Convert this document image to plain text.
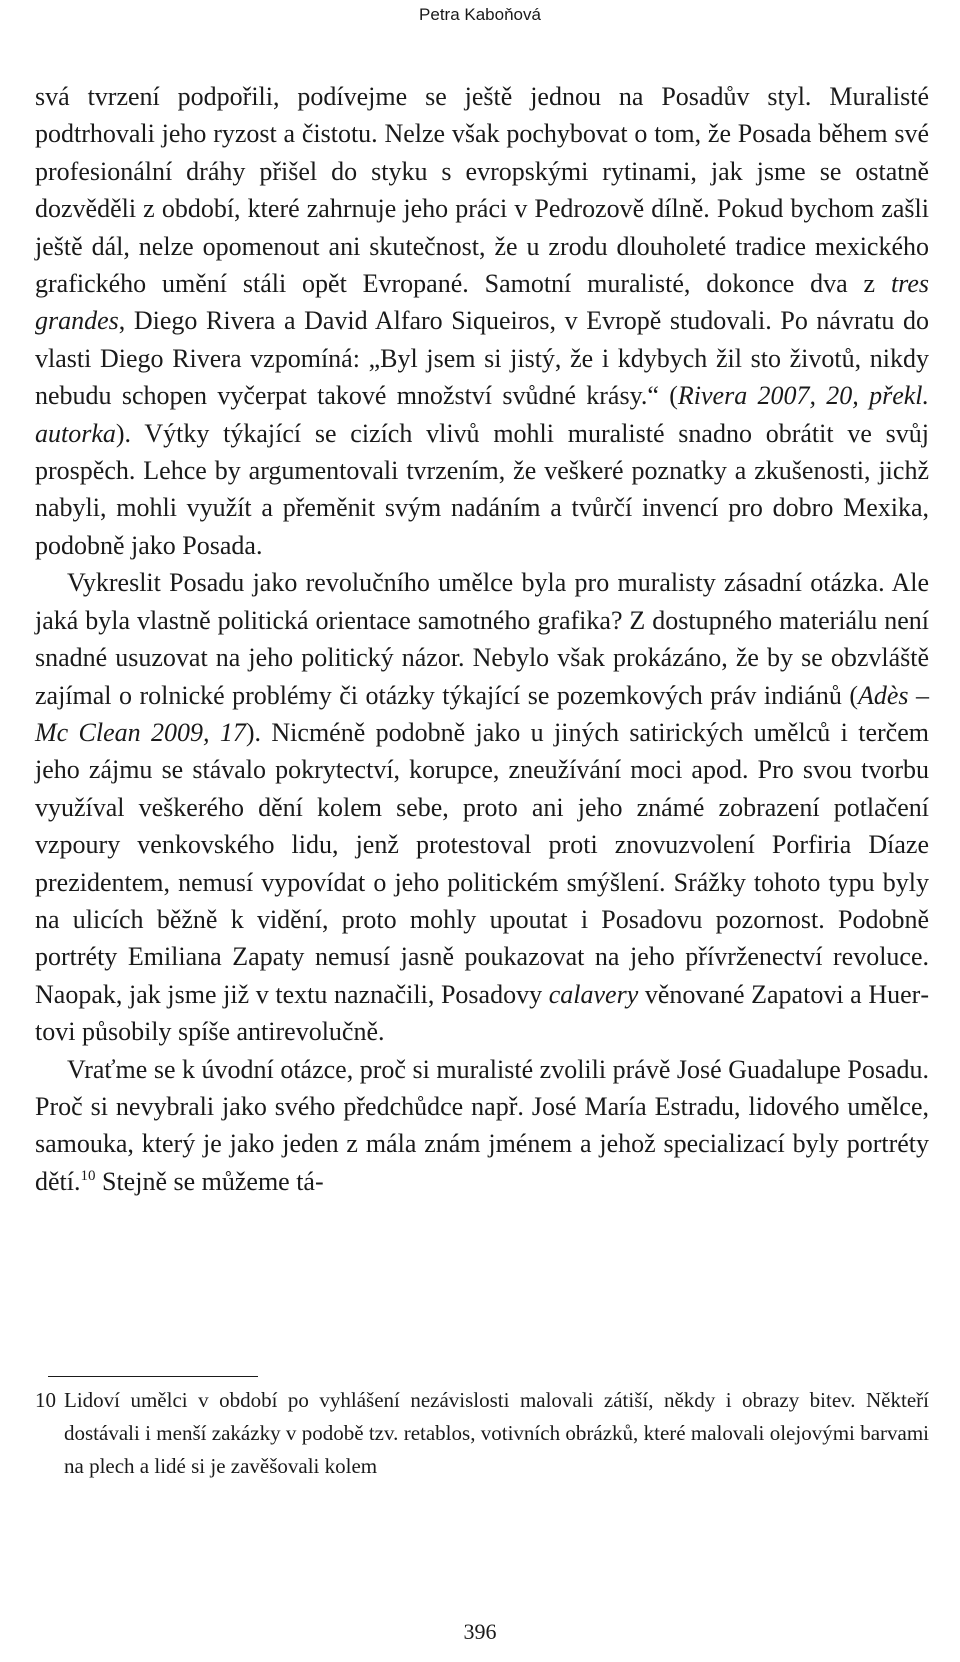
Petra Kaboňová

svá tvrzení podpořili, podívejme se ještě jednou na Posadův styl. Muralisté podtrhovali jeho ryzost a čistotu. Nelze však pochybovat o tom, že Posada během své profesionální dráhy přišel do styku s evropskými rytinami, jak jsme se ostatně dozvěděli z období, které zahrnuje jeho práci v Pedrozově dílně. Pokud bychom zašli ještě dál, nelze opomenout ani skutečnost, že u zrodu dlouholeté tradice mexického grafického umění stáli opět Evropané. Samotní muralisté, dokonce dva z tres grandes, Diego Rivera a David Alfaro Siqueiros, v Evropě studovali. Po návratu do vlasti Diego Rivera vzpomíná: „Byl jsem si jistý, že i kdybych žil sto životů, nikdy nebudu schopen vyčerpat takové množství svůdné krásy.“ (Rivera 2007, 20, překl. autorka). Výtky týkající se cizích vlivů mohli muralisté snadno obrátit ve svůj prospěch. Lehce by argumentovali tvrzením, že veškeré poznatky a zkušenosti, jichž nabyli, mohli využít a přeměnit svým nadáním a tvůrčí invencí pro dobro Mexika, podobně jako Posada.

Vykreslit Posadu jako revolučního umělce byla pro muralisty zásadní otázka. Ale jaká byla vlastně politická orientace samotného grafika? Z dostupného materiálu není snadné usuzovat na jeho politický názor. Nebylo však prokázáno, že by se obzvláště zajímal o rolnické problémy či otázky týkající se pozemkových práv indiánů (Adès – Mc Clean 2009, 17). Nicméně podobně jako u jiných satirických umělců i terčem jeho zájmu se stávalo pokrytectví, korupce, zneužívání moci apod. Pro svou tvorbu využíval veškerého dění kolem sebe, proto ani jeho známé zobrazení potlačení vzpoury venkovského lidu, jenž protestoval proti znovuzvolení Porfiria Díaze prezidentem, nemusí vypovídat o jeho politickém smýšlení. Srážky tohoto typu byly na ulicích běžně k vidění, proto mohly upoutat i Posadovu pozornost. Podobně portréty Emiliana Zapaty nemusí jasně poukazovat na jeho přívrženectví revoluce. Naopak, jak jsme již v textu naznačili, Posadovy calavery věnované Zapatovi a Huertovi působily spíše antirevolučně.

Vraťme se k úvodní otázce, proč si muralisté zvolili právě José Guadalupe Posadu. Proč si nevybrali jako svého předchůdce např. José María Estradu, lidového umělce, samouka, který je jako jeden z mála znám jménem a jehož specializací byly portréty dětí.$^{10}$ Stejně se můžeme tá-

10 Lidoví umělci v období po vyhlášení nezávislosti malovali zátiší, někdy i obrazy bitev. Někteří dostávali i menší zakázky v podobě tzv. retablos, votivních obrázků, které malovali olejovými barvami na plech a lidé si je zavěšovali kolem
396
